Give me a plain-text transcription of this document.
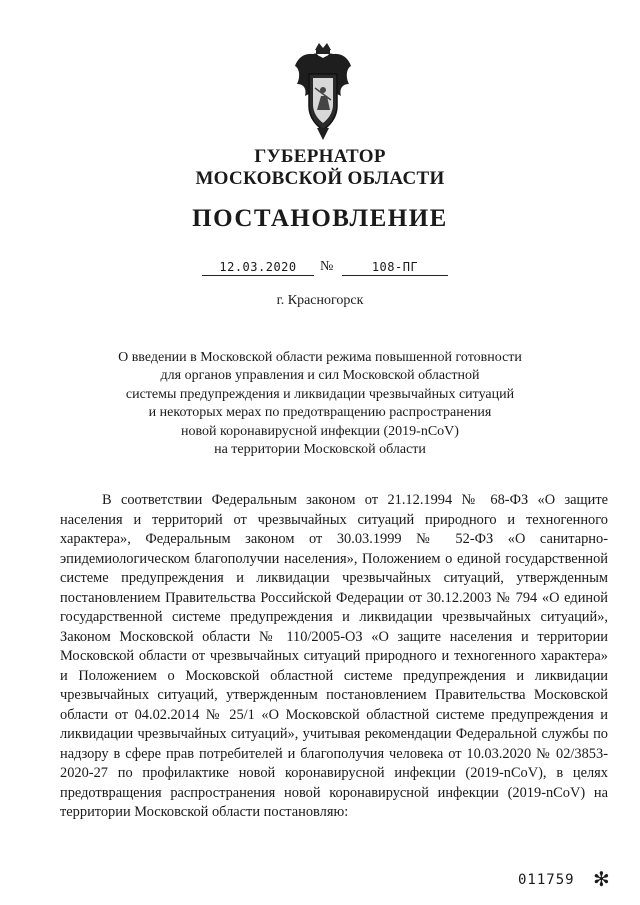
ГУБЕРНАТОР
МОСКОВСКОЙ ОБЛАСТИ
ПОСТАНОВЛЕНИЕ
12.03.2020	№	108-ПГ
г. Красногорск
О введении в Московской области режима повышенной готовности
для органов управления и сил Московской областной
системы предупреждения и ликвидации чрезвычайных ситуаций
и некоторых мерах по предотвращению распространения
новой коронавирусной инфекции (2019-nCoV)
на территории Московской области
В соответствии Федеральным законом от 21.12.1994 № 68-ФЗ «О защите населения и территорий от чрезвычайных ситуаций природного и техногенного характера», Федеральным законом от 30.03.1999 № 52-ФЗ «О санитарно-эпидемиологическом благополучии населения», Положением о единой государственной системе предупреждения и ликвидации чрезвычайных ситуаций, утвержденным постановлением Правительства Российской Федерации от 30.12.2003 № 794 «О единой государственной системе предупреждения и ликвидации чрезвычайных ситуаций», Законом Московской области № 110/2005-ОЗ «О защите населения и территории Московской области от чрезвычайных ситуаций природного и техногенного характера» и Положением о Московской областной системе предупреждения и ликвидации чрезвычайных ситуаций, утвержденным постановлением Правительства Московской области от 04.02.2014 № 25/1 «О Московской областной системе предупреждения и ликвидации чрезвычайных ситуаций», учитывая рекомендации Федеральной службы по надзору в сфере прав потребителей и благополучия человека от 10.03.2020 № 02/3853-2020-27 по профилактике новой коронавирусной инфекции (2019-nCoV), в целях предотвращения распространения новой коронавирусной инфекции (2019-nCoV) на территории Московской области постановляю:
011759 ✻
